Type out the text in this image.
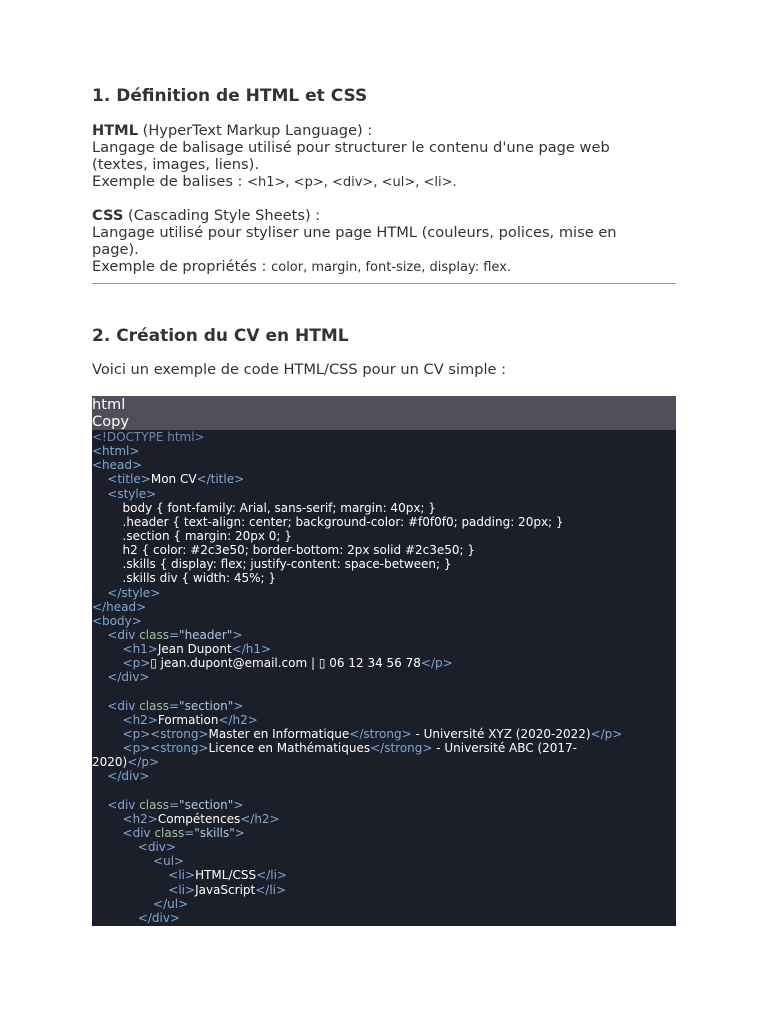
1. Définition de HTML et CSS
HTML (HyperText Markup Language) :
Langage de balisage utilisé pour structurer le contenu d'une page web
(textes, images, liens).
Exemple de balises : <h1>, <p>, <div>, <ul>, <li>.
CSS (Cascading Style Sheets) :
Langage utilisé pour styliser une page HTML (couleurs, polices, mise en
page).
Exemple de propriétés : color, margin, font-size, display: flex.
2. Création du CV en HTML
Voici un exemple de code HTML/CSS pour un CV simple :
html
Copy
<!DOCTYPE html>
<html>
<head>
<title>Mon CV</title>
<style>
body { font-family: Arial, sans-serif; margin: 40px; }
.header { text-align: center; background-color: #f0f0f0; padding: 20px; }
.section { margin: 20px 0; }
h2 { color: #2c3e50; border-bottom: 2px solid #2c3e50; }
.skills { display: flex; justify-content: space-between; }
.skills div { width: 45%; }
</style>
</head>
<body>
<div class="header">
<h1>Jean Dupont</h1>
<p>▯ jean.dupont@email.com | ▯ 06 12 34 56 78</p>
</div>
<div class="section">
<h2>Formation</h2>
<p><strong>Master en Informatique</strong> - Université XYZ (2020-2022)</p>
<p><strong>Licence en Mathématiques</strong> - Université ABC (2017-
2020)</p>
</div>
<div class="section">
<h2>Compétences</h2>
<div class="skills">
<div>
<ul>
<li>HTML/CSS</li>
<li>JavaScript</li>
</ul>
</div>
